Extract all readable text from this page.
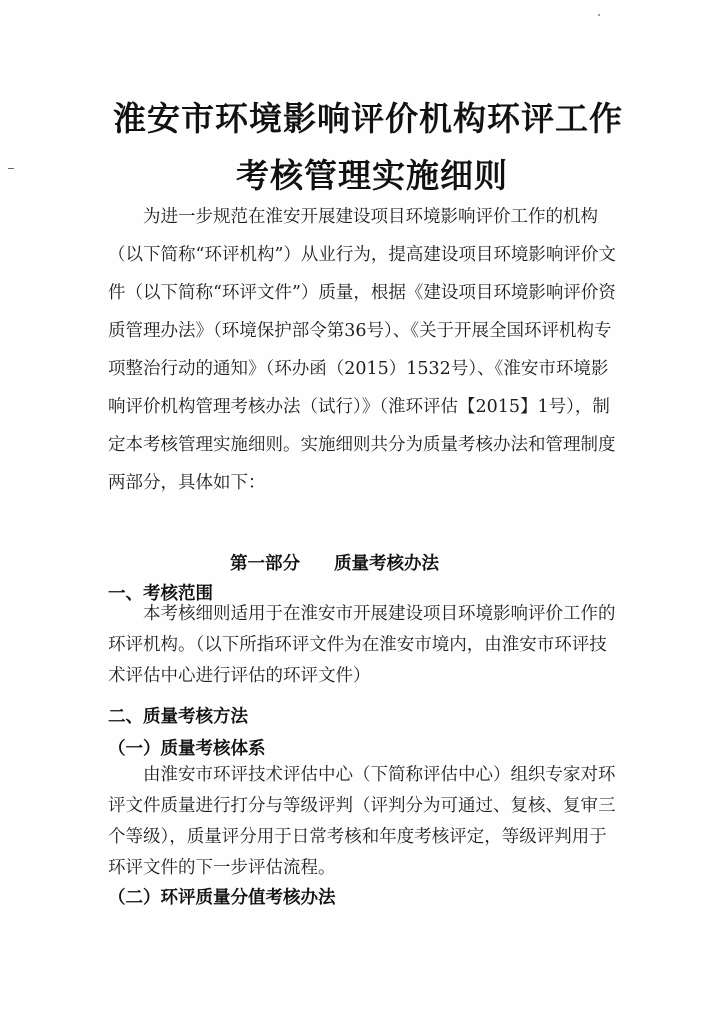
淮安市环境影响评价机构环评工作
考核管理实施细则

为进一步规范在淮安开展建设项目环境影响评价工作的机构（以下简称“环评机构”）从业行为，提高建设项目环境影响评价文件（以下简称“环评文件”）质量，根据《建设项目环境影响评价资质管理办法》（环境保护部令第36号）、《关于开展全国环评机构专项整治行动的通知》（环办函（2015）1532号）、《淮安市环境影响评价机构管理考核办法（试行）》（淮环评估【2015】1号），制定本考核管理实施细则。实施细则共分为质量考核办法和管理制度两部分，具体如下：

第一部分 质量考核办法
一、考核范围

本考核细则适用于在淮安市开展建设项目环境影响评价工作的环评机构。（以下所指环评文件为在淮安市境内，由淮安市环评技术评估中心进行评估的环评文件）

二、质量考核方法
（一）质量考核体系

由淮安市环评技术评估中心（下简称评估中心）组织专家对环评文件质量进行打分与等级评判（评判分为可通过、复核、复审三个等级），质量评分用于日常考核和年度考核评定，等级评判用于环评文件的下一步评估流程。

（二）环评质量分值考核办法
